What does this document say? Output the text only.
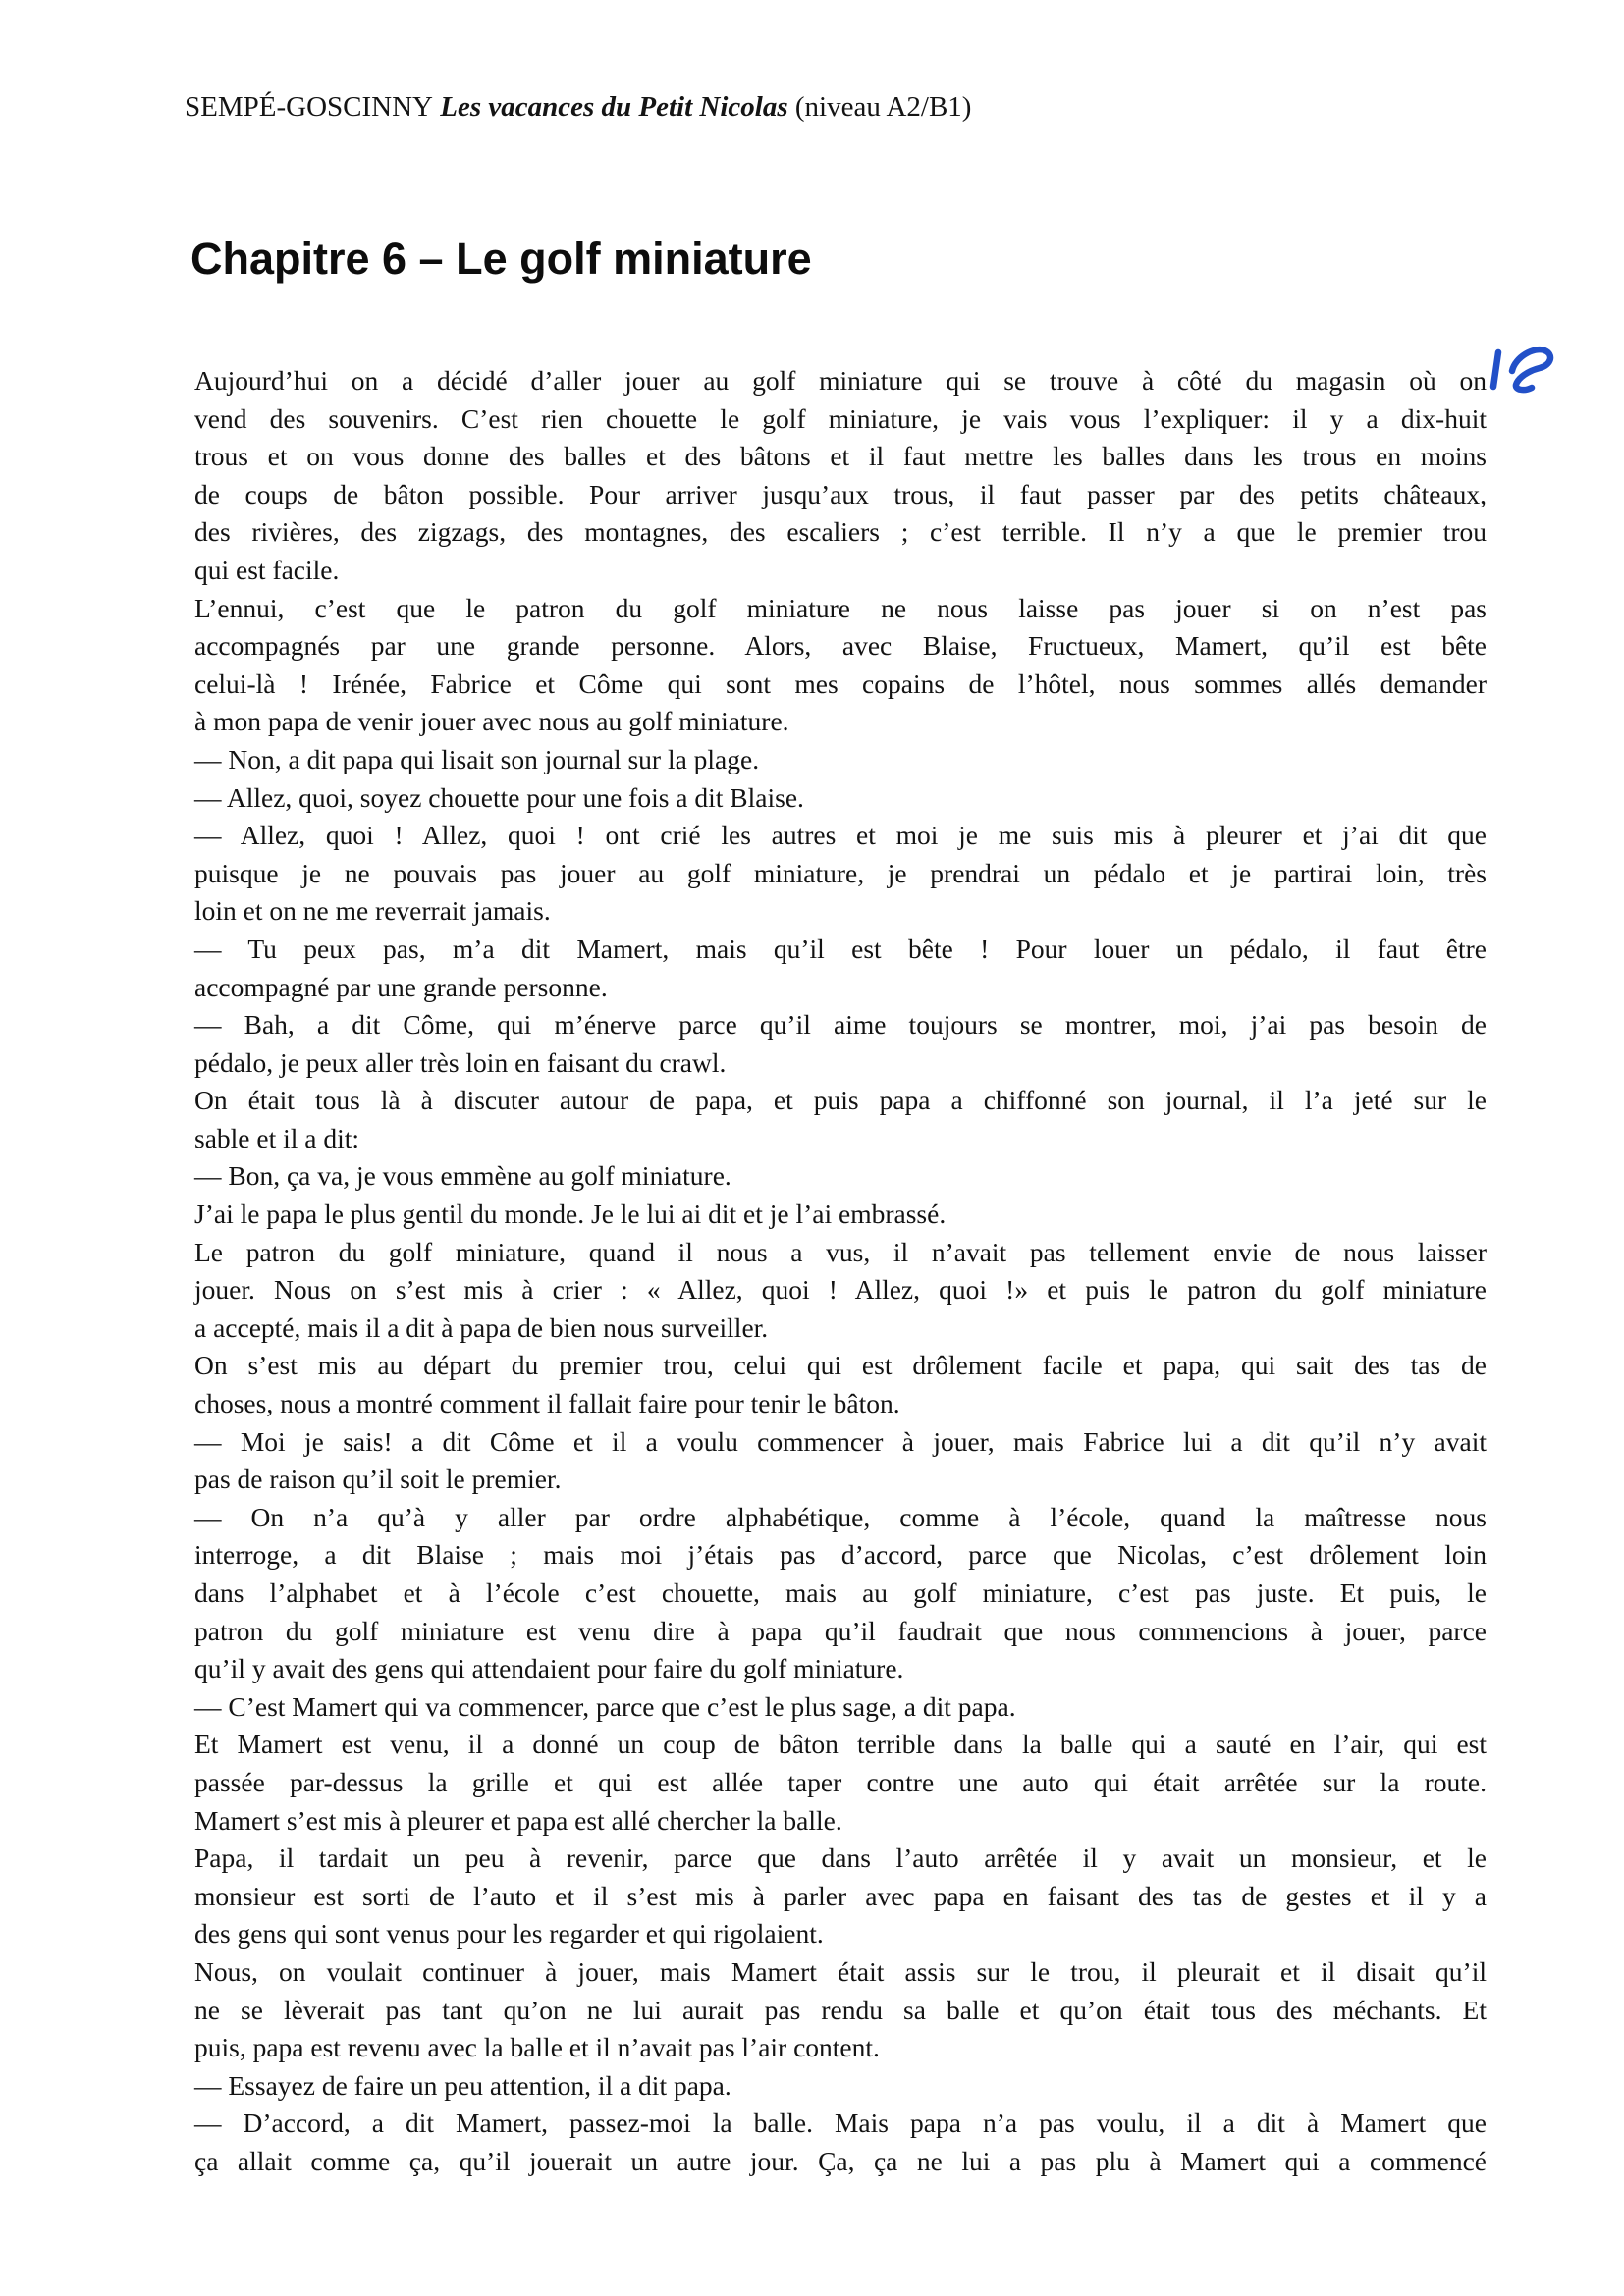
SEMPÉ-GOSCINNY Les vacances du Petit Nicolas (niveau A2/B1)
Chapitre 6 – Le golf miniature
Aujourd’hui on a décidé d’aller jouer au golf miniature qui se trouve à côté du magasin où on
vend des souvenirs. C’est rien chouette le golf miniature, je vais vous l’expliquer: il y a dix-huit
trous et on vous donne des balles et des bâtons et il faut mettre les balles dans les trous en moins
de coups de bâton possible. Pour arriver jusqu’aux trous, il faut passer par des petits châteaux,
des rivières, des zigzags, des montagnes, des escaliers ; c’est terrible. Il n’y a que le premier trou
qui est facile.
L’ennui, c’est que le patron du golf miniature ne nous laisse pas jouer si on n’est pas
accompagnés par une grande personne. Alors, avec Blaise, Fructueux, Mamert, qu’il est bête
celui-là ! Irénée, Fabrice et Côme qui sont mes copains de l’hôtel, nous sommes allés demander
à mon papa de venir jouer avec nous au golf miniature.
— Non, a dit papa qui lisait son journal sur la plage.
— Allez, quoi, soyez chouette pour une fois a dit Blaise.
— Allez, quoi ! Allez, quoi ! ont crié les autres et moi je me suis mis à pleurer et j’ai dit que
puisque je ne pouvais pas jouer au golf miniature, je prendrai un pédalo et je partirai loin, très
loin et on ne me reverrait jamais.
— Tu peux pas, m’a dit Mamert, mais qu’il est bête ! Pour louer un pédalo, il faut être
accompagné par une grande personne.
— Bah, a dit Côme, qui m’énerve parce qu’il aime toujours se montrer, moi, j’ai pas besoin de
pédalo, je peux aller très loin en faisant du crawl.
On était tous là à discuter autour de papa, et puis papa a chiffonné son journal, il l’a jeté sur le
sable et il a dit:
— Bon, ça va, je vous emmène au golf miniature.
J’ai le papa le plus gentil du monde. Je le lui ai dit et je l’ai embrassé.
Le patron du golf miniature, quand il nous a vus, il n’avait pas tellement envie de nous laisser
jouer. Nous on s’est mis à crier : « Allez, quoi ! Allez, quoi !» et puis le patron du golf miniature
a accepté, mais il a dit à papa de bien nous surveiller.
On s’est mis au départ du premier trou, celui qui est drôlement facile et papa, qui sait des tas de
choses, nous a montré comment il fallait faire pour tenir le bâton.
— Moi je sais! a dit Côme et il a voulu commencer à jouer, mais Fabrice lui a dit qu’il n’y avait
pas de raison qu’il soit le premier.
— On n’a qu’à y aller par ordre alphabétique, comme à l’école, quand la maîtresse nous
interroge, a dit Blaise ; mais moi j’étais pas d’accord, parce que Nicolas, c’est drôlement loin
dans l’alphabet et à l’école c’est chouette, mais au golf miniature, c’est pas juste. Et puis, le
patron du golf miniature est venu dire à papa qu’il faudrait que nous commencions à jouer, parce
qu’il y avait des gens qui attendaient pour faire du golf miniature.
— C’est Mamert qui va commencer, parce que c’est le plus sage, a dit papa.
Et Mamert est venu, il a donné un coup de bâton terrible dans la balle qui a sauté en l’air, qui est
passée par-dessus la grille et qui est allée taper contre une auto qui était arrêtée sur la route.
Mamert s’est mis à pleurer et papa est allé chercher la balle.
Papa, il tardait un peu à revenir, parce que dans l’auto arrêtée il y avait un monsieur, et le
monsieur est sorti de l’auto et il s’est mis à parler avec papa en faisant des tas de gestes et il y a
des gens qui sont venus pour les regarder et qui rigolaient.
Nous, on voulait continuer à jouer, mais Mamert était assis sur le trou, il pleurait et il disait qu’il
ne se lèverait pas tant qu’on ne lui aurait pas rendu sa balle et qu’on était tous des méchants. Et
puis, papa est revenu avec la balle et il n’avait pas l’air content.
— Essayez de faire un peu attention, il a dit papa.
— D’accord, a dit Mamert, passez-moi la balle. Mais papa n’a pas voulu, il a dit à Mamert que
ça allait comme ça, qu’il jouerait un autre jour. Ça, ça ne lui a pas plu à Mamert qui a commencé
